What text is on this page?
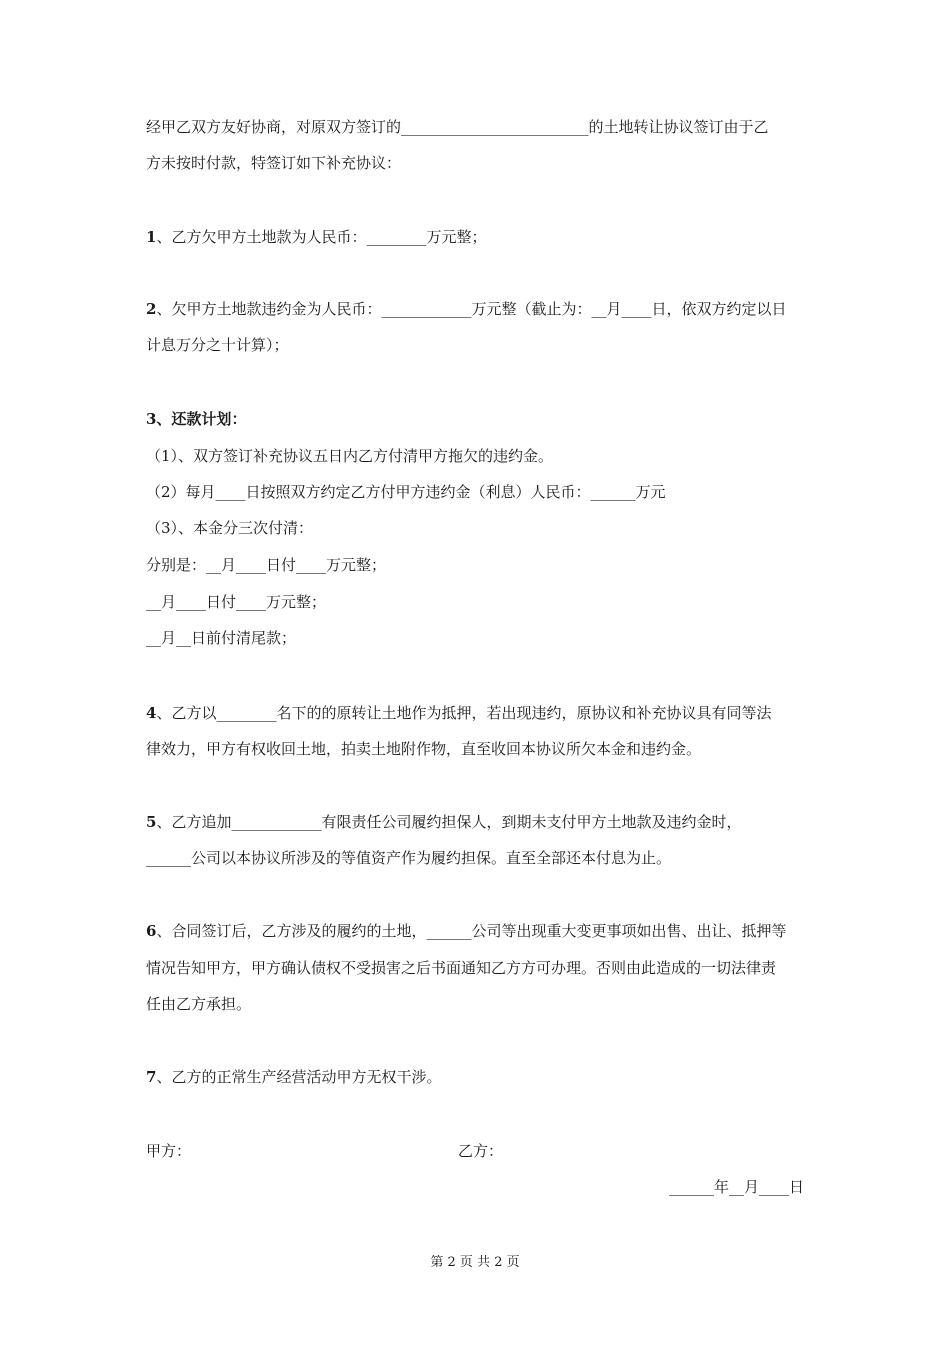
经甲乙双方友好协商，对原双方签订的_________________________的土地转让协议签订由于乙
方未按时付款，特签订如下补充协议：
1、乙方欠甲方土地款为人民币：________万元整；
2、欠甲方土地款违约金为人民币：____________万元整（截止为：__月____日，依双方约定以日
计息万分之十计算）；
3、还款计划：
（1）、双方签订补充协议五日内乙方付清甲方拖欠的违约金。
（2）每月____日按照双方约定乙方付甲方违约金（利息）人民币：______万元
（3）、本金分三次付清：
分别是：__月____日付____万元整；
__月____日付____万元整；
__月__日前付清尾款；
4、乙方以________名下的的原转让土地作为抵押，若出现违约，原协议和补充协议具有同等法
律效力，甲方有权收回土地，拍卖土地附作物，直至收回本协议所欠本金和违约金。
5、乙方追加____________有限责任公司履约担保人，到期未支付甲方土地款及违约金时，
______公司以本协议所涉及的等值资产作为履约担保。直至全部还本付息为止。
6、合同签订后，乙方涉及的履约的土地，______公司等出现重大变更事项如出售、出让、抵押等
情况告知甲方，甲方确认债权不受损害之后书面通知乙方方可办理。否则由此造成的一切法律责
任由乙方承担。
7、乙方的正常生产经营活动甲方无权干涉。
甲方：	乙方：
______年__月____日
第 2 页 共 2 页
